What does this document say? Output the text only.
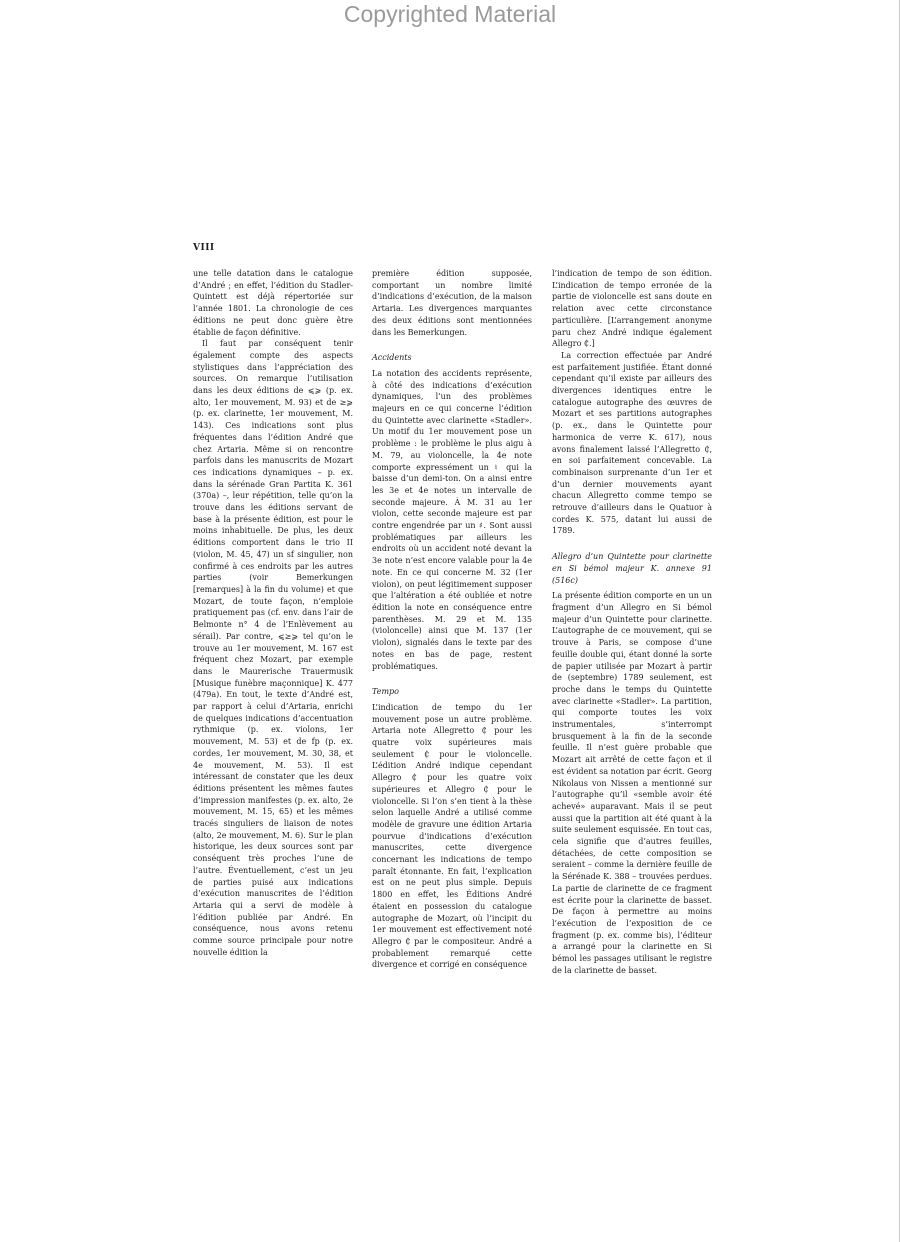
Copyrighted Material
VIII

une telle datation dans le catalogue d’André ; en effet, l’édition du Stadler-Quintett est déjà répertoriée sur l’année 1801. La chronologie de ces éditions ne peut donc guère être établie de façon définitive.

Il faut par conséquent tenir également compte des aspects stylistiques dans l’appréciation des sources. On remarque l’utilisation dans les deux éditions de ⩽⩾ (p. ex. alto, 1er mouvement, M. 93) et de ≥⩾ (p. ex. clarinette, 1er mouvement, M. 143). Ces indications sont plus fréquentes dans l’édition André que chez Artaria. Même si on rencontre parfois dans les manuscrits de Mozart ces indications dynamiques – p. ex. dans la sérénade Gran Partita K. 361 (370a) –, leur répétition, telle qu’on la trouve dans les éditions servant de base à la présente édition, est pour le moins inhabituelle. De plus, les deux éditions comportent dans le trio II (violon, M. 45, 47) un sf singulier, non confirmé à ces endroits par les autres parties (voir Bemerkungen [remarques] à la fin du volume) et que Mozart, de toute façon, n’emploie pratiquement pas (cf. env. dans l’air de Belmonte n° 4 de l’Enlèvement au sérail). Par contre, ⩽≥⩾ tel qu’on le trouve au 1er mouvement, M. 167 est fréquent chez Mozart, par exemple dans le Maurerische Trauermusik [Musique funèbre maçonnique] K. 477 (479a). En tout, le texte d’André est, par rapport à celui d’Artaria, enrichi de quelques indications d’accentuation rythmique (p. ex. violons, 1er mouvement, M. 53) et de fp (p. ex. cordes, 1er mouvement, M. 30, 38, et 4e mouvement, M. 53). Il est intéressant de constater que les deux éditions présentent les mêmes fautes d’impression manifestes (p. ex. alto, 2e mouvement, M. 15, 65) et les mêmes tracés singuliers de liaison de notes (alto, 2e mouvement, M. 6). Sur le plan historique, les deux sources sont par conséquent très proches l’une de l’autre. Éventuellement, c’est un jeu de parties puisé aux indications d’exécution manuscrites de l’édition Artaria qui a servi de modèle à l’édition publiée par André. En conséquence, nous avons retenu comme source principale pour notre nouvelle édition la

première édition supposée, comportant un nombre limité d’indications d’exécution, de la maison Artaria. Les divergences marquantes des deux éditions sont mentionnées dans les Bemerkungen.

Accidents

La notation des accidents représente, à côté des indications d’exécution dynamiques, l’un des problèmes majeurs en ce qui concerne l’édition du Quintette avec clarinette «Stadler». Un motif du 1er mouvement pose un problème : le problème le plus aigu à M. 79, au violoncelle, la 4e note comporte expressément un ♮ qui la baisse d’un demi-ton. On a ainsi entre les 3e et 4e notes un intervalle de seconde majeure. À M. 31 au 1er violon, cette seconde majeure est par contre engendrée par un ♯. Sont aussi problématiques par ailleurs les endroits où un accident noté devant la 3e note n’est encore valable pour la 4e note. En ce qui concerne M. 32 (1er violon), on peut légitimement supposer que l’altération a été oubliée et notre édition la note en conséquence entre parenthèses. M. 29 et M. 135 (violoncelle) ainsi que M. 137 (1er violon), signalés dans le texte par des notes en bas de page, restent problématiques.

Tempo

L’indication de tempo du 1er mouvement pose un autre problème. Artaria note Allegretto ₵ pour les quatre voix supérieures mais seulement ₵ pour le violoncelle. L’édition André indique cependant Allegro ₵ pour les quatre voix supérieures et Allegro ₵ pour le violoncelle. Si l’on s’en tient à la thèse selon laquelle André a utilisé comme modèle de gravure une édition Artaria pourvue d’indications d’exécution manuscrites, cette divergence concernant les indications de tempo paraît étonnante. En fait, l’explication est on ne peut plus simple. Depuis 1800 en effet, les Éditions André étaient en possession du catalogue autographe de Mozart, où l’incipit du 1er mouvement est effectivement noté Allegro ₵ par le compositeur. André a probablement remarqué cette divergence et corrigé en conséquence

l’indication de tempo de son édition. L’indication de tempo erronée de la partie de violoncelle est sans doute en relation avec cette circonstance particulière. [L’arrangement anonyme paru chez André indique également Allegro ₵.]

La correction effectuée par André est parfaitement justifiée. Étant donné cependant qu’il existe par ailleurs des divergences identiques entre le catalogue autographe des œuvres de Mozart et ses partitions autographes (p. ex., dans le Quintette pour harmonica de verre K. 617), nous avons finalement laissé l’Allegretto ₵, en soi parfaitement concevable. La combinaison surprenante d’un 1er et d’un dernier mouvements ayant chacun Allegretto comme tempo se retrouve d’ailleurs dans le Quatuor à cordes K. 575, datant lui aussi de 1789.

Allegro d’un Quintette pour clarinette en Si bémol majeur K. annexe 91 (516c)

La présente édition comporte en un un fragment d’un Allegro en Si bémol majeur d’un Quintette pour clarinette. L’autographe de ce mouvement, qui se trouve à Paris, se compose d’une feuille double qui, étant donné la sorte de papier utilisée par Mozart à partir de (septembre) 1789 seulement, est proche dans le temps du Quintette avec clarinette «Stadler». La partition, qui comporte toutes les voix instrumentales, s’interrompt brusquement à la fin de la seconde feuille. Il n’est guère probable que Mozart ait arrêté de cette façon et il est évident sa notation par écrit. Georg Nikolaus von Nissen a mentionné sur l’autographe qu’il «semble avoir été achevé» auparavant. Mais il se peut aussi que la partition ait été quant à la suite seulement esquissée. En tout cas, cela signifie que d’autres feuilles, détachées, de cette composition se seraient – comme la dernière feuille de la Sérénade K. 388 – trouvées perdues. La partie de clarinette de ce fragment est écrite pour la clarinette de basset. De façon à permettre au moins l’exécution de l’exposition de ce fragment (p. ex. comme bis), l’éditeur a arrangé pour la clarinette en Si bémol les passages utilisant le registre de la clarinette de basset.
